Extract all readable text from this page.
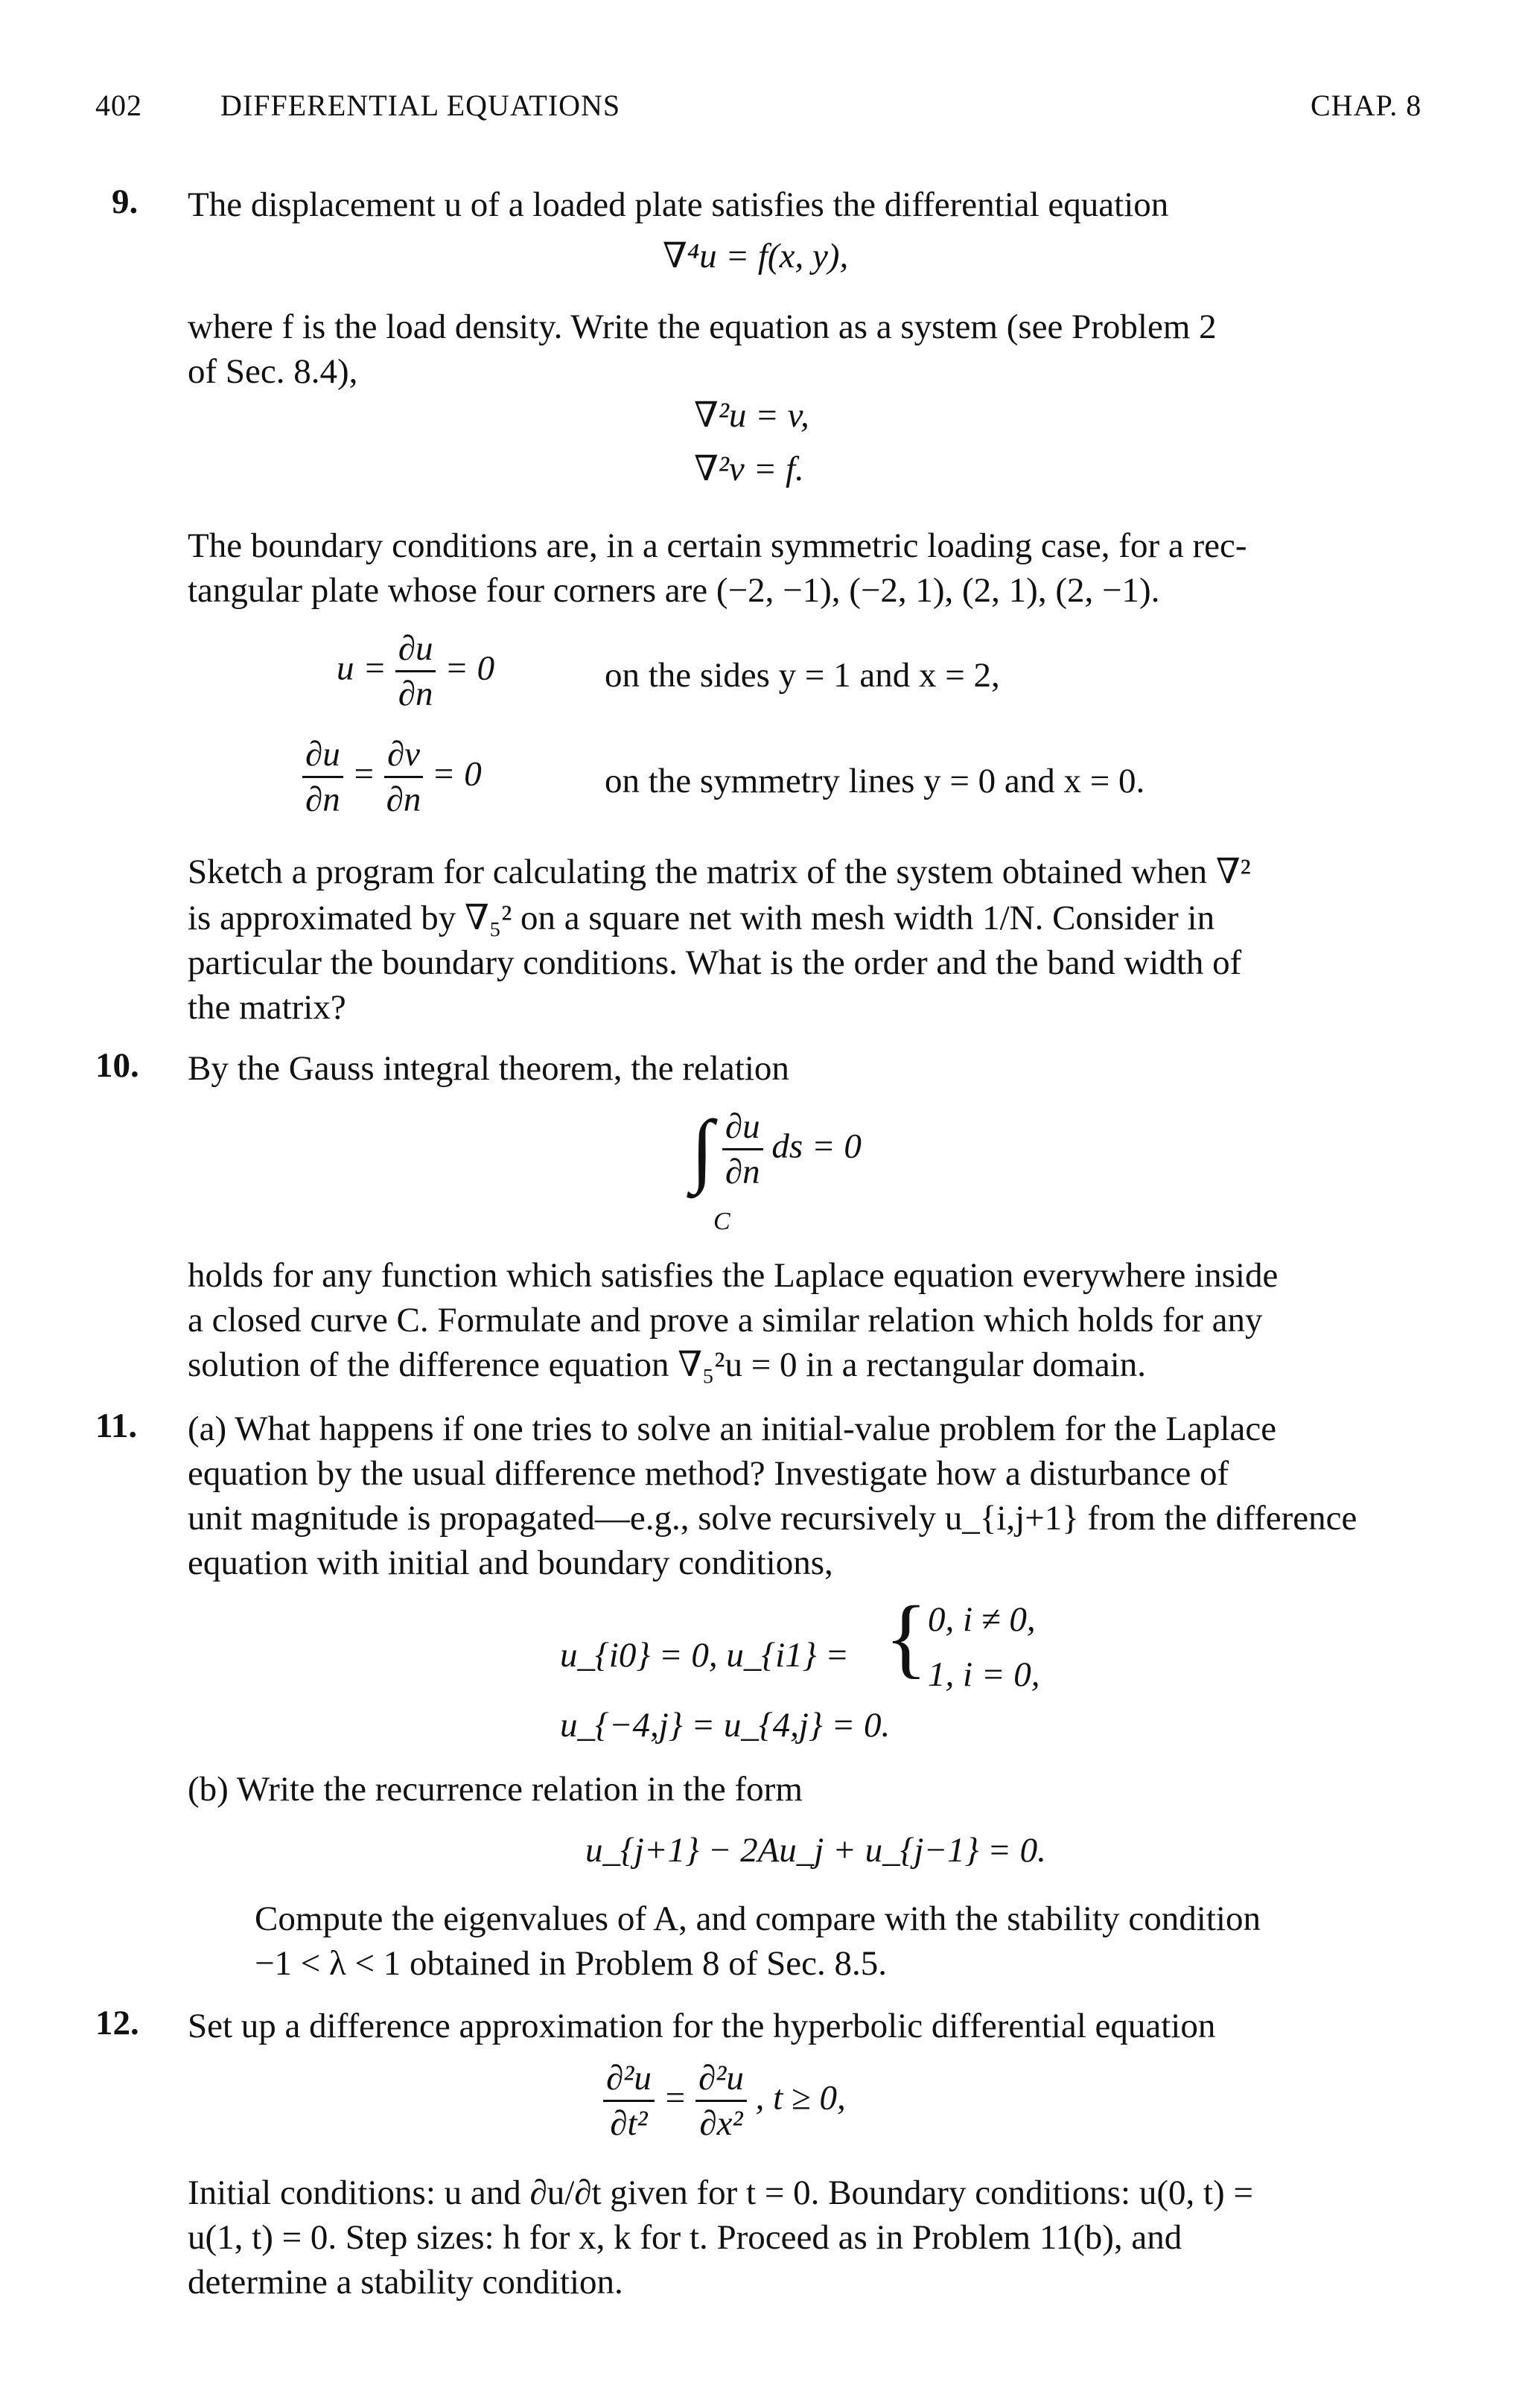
402	DIFFERENTIAL EQUATIONS	CHAP. 8
9. The displacement u of a loaded plate satisfies the differential equation
∇⁴u = f(x, y),
where f is the load density. Write the equation as a system (see Problem 2
of Sec. 8.4),
∇²u = v,
∇²v = f.
The boundary conditions are, in a certain symmetric loading case, for a rec-
tangular plate whose four corners are (−2, −1), (−2, 1), (2, 1), (2, −1).
$u = \frac{\partial u}{\partial n} = 0$	on the sides y = 1 and x = 2,
$\frac{\partial u}{\partial n} = \frac{\partial v}{\partial n} = 0$	on the symmetry lines y = 0 and x = 0.
Sketch a program for calculating the matrix of the system obtained when ∇²
is approximated by ∇₅² on a square net with mesh width 1/N. Consider in
particular the boundary conditions. What is the order and the band width of
the matrix?
10. By the Gauss integral theorem, the relation
∫ $\frac{\partial u}{\partial n}$ ds = 0
C
holds for any function which satisfies the Laplace equation everywhere inside
a closed curve C. Formulate and prove a similar relation which holds for any
solution of the difference equation ∇₅²u = 0 in a rectangular domain.
11. (a) What happens if one tries to solve an initial-value problem for the Laplace
equation by the usual difference method? Investigate how a disturbance of
unit magnitude is propagated—e.g., solve recursively u_{i,j+1} from the difference
equation with initial and boundary conditions,
u_{i0} = 0, u_{i1} = { 0, i ≠ 0,
1, i = 0,
u_{−4,j} = u_{4,j} = 0.
(b) Write the recurrence relation in the form
u_{j+1} − 2Au_j + u_{j−1} = 0.
Compute the eigenvalues of A, and compare with the stability condition
−1 < λ < 1 obtained in Problem 8 of Sec. 8.5.
12. Set up a difference approximation for the hyperbolic differential equation
$\frac{\text{∂²u}}{\text{∂t²}} = \frac{\text{∂²u}}{\text{∂x²}}$ , t ≥ 0,
Initial conditions: u and ∂u/∂t given for t = 0. Boundary conditions: u(0, t) =
u(1, t) = 0. Step sizes: h for x, k for t. Proceed as in Problem 11(b), and
determine a stability condition.
